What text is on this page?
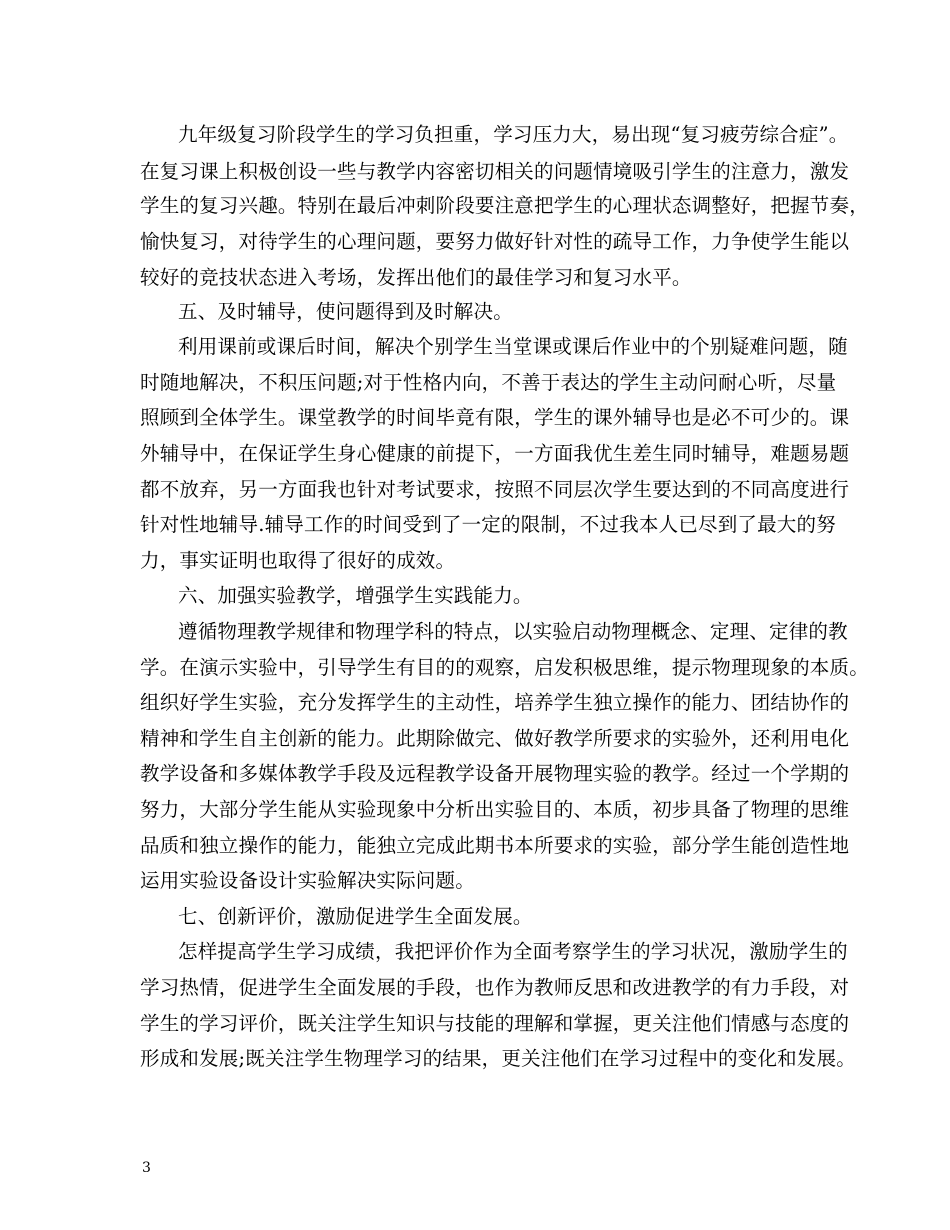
九年级复习阶段学生的学习负担重，学习压力大，易出现“复习疲劳综合症”。
在复习课上积极创设一些与教学内容密切相关的问题情境吸引学生的注意力，激发
学生的复习兴趣。特别在最后冲刺阶段要注意把学生的心理状态调整好，把握节奏，
愉快复习，对待学生的心理问题，要努力做好针对性的疏导工作，力争使学生能以
较好的竞技状态进入考场，发挥出他们的最佳学习和复习水平。
五、及时辅导，使问题得到及时解决。
利用课前或课后时间，解决个别学生当堂课或课后作业中的个别疑难问题，随
时随地解决，不积压问题;对于性格内向，不善于表达的学生主动问耐心听，尽量
照顾到全体学生。课堂教学的时间毕竟有限，学生的课外辅导也是必不可少的。课
外辅导中，在保证学生身心健康的前提下，一方面我优生差生同时辅导，难题易题
都不放弃，另一方面我也针对考试要求，按照不同层次学生要达到的不同高度进行
针对性地辅导.辅导工作的时间受到了一定的限制，不过我本人已尽到了最大的努
力，事实证明也取得了很好的成效。
六、加强实验教学，增强学生实践能力。
遵循物理教学规律和物理学科的特点，以实验启动物理概念、定理、定律的教
学。在演示实验中，引导学生有目的的观察，启发积极思维，提示物理现象的本质。
组织好学生实验，充分发挥学生的主动性，培养学生独立操作的能力、团结协作的
精神和学生自主创新的能力。此期除做完、做好教学所要求的实验外，还利用电化
教学设备和多媒体教学手段及远程教学设备开展物理实验的教学。经过一个学期的
努力，大部分学生能从实验现象中分析出实验目的、本质，初步具备了物理的思维
品质和独立操作的能力，能独立完成此期书本所要求的实验，部分学生能创造性地
运用实验设备设计实验解决实际问题。
七、创新评价，激励促进学生全面发展。
怎样提高学生学习成绩，我把评价作为全面考察学生的学习状况，激励学生的
学习热情，促进学生全面发展的手段，也作为教师反思和改进教学的有力手段，对
学生的学习评价，既关注学生知识与技能的理解和掌握，更关注他们情感与态度的
形成和发展;既关注学生物理学习的结果，更关注他们在学习过程中的变化和发展。
3
